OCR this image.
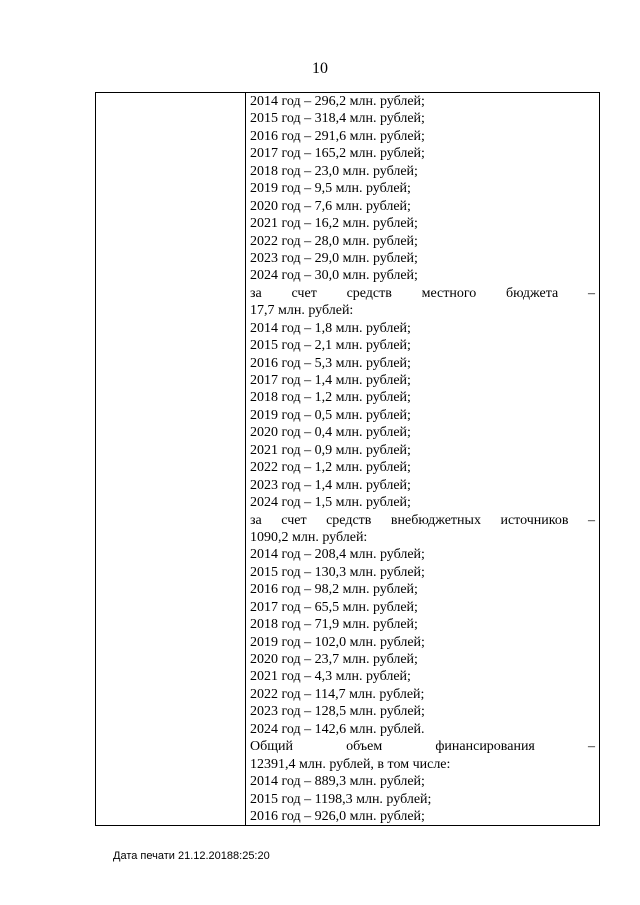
10
2014 год – 296,2 млн. рублей;
2015 год – 318,4 млн. рублей;
2016 год – 291,6 млн. рублей;
2017 год – 165,2 млн. рублей;
2018 год – 23,0 млн. рублей;
2019 год – 9,5 млн. рублей;
2020 год – 7,6 млн. рублей;
2021 год – 16,2 млн. рублей;
2022 год – 28,0 млн. рублей;
2023 год – 29,0 млн. рублей;
2024 год – 30,0 млн. рублей;
за счет средств местного бюджета –
17,7 млн. рублей:
2014 год – 1,8 млн. рублей;
2015 год – 2,1 млн. рублей;
2016 год – 5,3 млн. рублей;
2017 год – 1,4 млн. рублей;
2018 год – 1,2 млн. рублей;
2019 год – 0,5 млн. рублей;
2020 год – 0,4 млн. рублей;
2021 год – 0,9 млн. рублей;
2022 год – 1,2 млн. рублей;
2023 год – 1,4 млн. рублей;
2024 год – 1,5 млн. рублей;
за счет средств внебюджетных источников –
1090,2 млн. рублей:
2014 год – 208,4 млн. рублей;
2015 год – 130,3 млн. рублей;
2016 год – 98,2 млн. рублей;
2017 год – 65,5 млн. рублей;
2018 год – 71,9 млн. рублей;
2019 год – 102,0 млн. рублей;
2020 год – 23,7 млн. рублей;
2021 год – 4,3 млн. рублей;
2022 год – 114,7 млн. рублей;
2023 год – 128,5 млн. рублей;
2024 год – 142,6 млн. рублей.
Общий	объем	финансирования	–
12391,4 млн. рублей, в том числе:
2014 год – 889,3 млн. рублей;
2015 год – 1198,3 млн. рублей;
2016 год – 926,0 млн. рублей;
Дата печати 21.12.20188:25:20
